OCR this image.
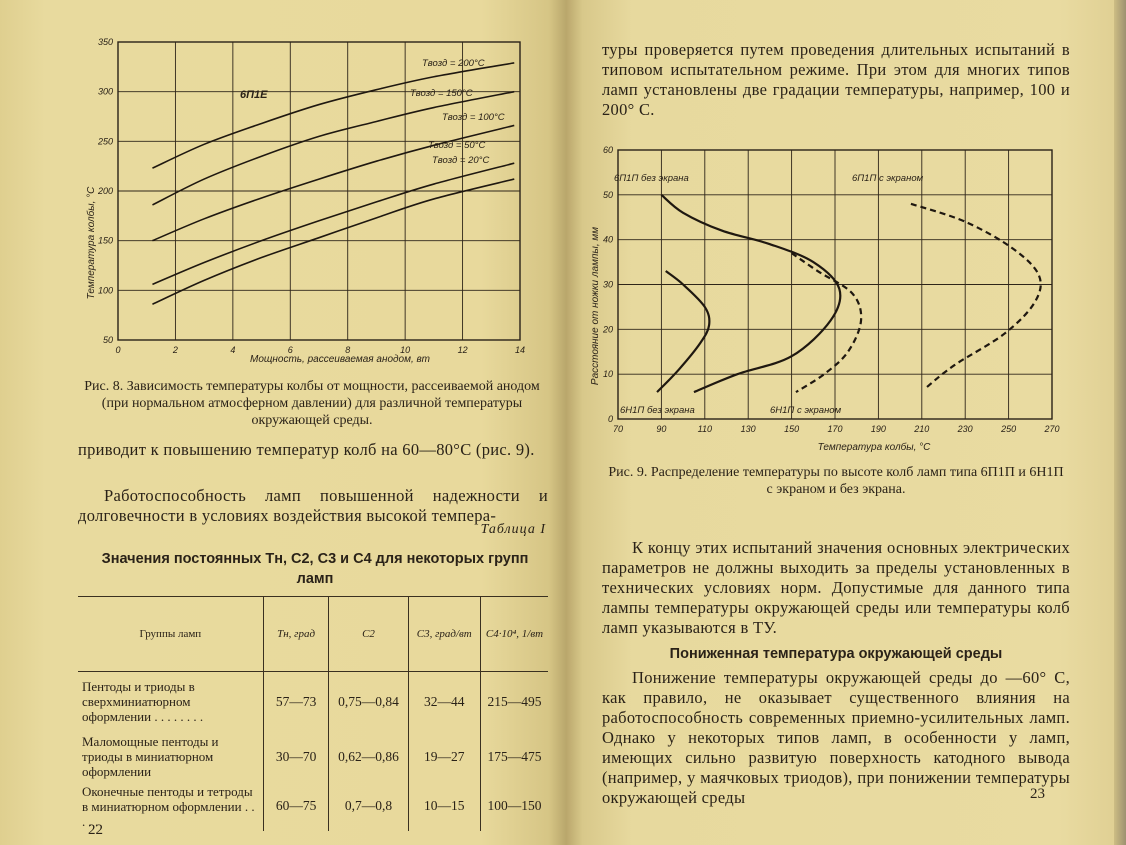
Tвозд = 200°С
Tвозд = 150°С
Tвозд = 100°С
Tвозд = 50°С
Tвозд = 20°С
0	2	4	6	8	10	12	14
50
100
150
200
250
300
350
Температура колбы, °С
Мощность, рассеиваемая анодом, вт
6П1Е
Рис. 8. Зависимость температуры колбы от мощности, рассеиваемой анодом (при нормальном атмосферном давлении) для различной температуры окружающей среды.
приводит к повышению температур колб на 60—80°С (рис. 9).
Работоспособность ламп повышенной надежности и долговечности в условиях воздействия высокой темпера-
Таблица I
Значения постоянных Tн, C2, C3 и C4 для некоторых групп ламп
Группы ламп	Tн, град	C2	C3, град/вт	C4·10⁴, 1/вт
Пентоды и триоды в сверхминиатюрном оформлении . . . . . . . .	57—73	0,75—0,84	32—44	215—495
Маломощные пентоды и триоды в миниатюрном оформлении	30—70	0,62—0,86	19—27	175—475
Оконечные пентоды и тетроды в миниатюрном оформлении . . . . .	60—75	0,7—0,8	10—15	100—150
22
туры проверяется путем проведения длительных испытаний в типовом испытательном режиме. При этом для многих типов ламп установлены две градации температуры, например, 100 и 200° С.
70	90	110	130	150	170	190	210	230	250	270
0
10
20
30
40
50
60
Расстояние от ножки лампы, мм
Температура колбы, °С
6П1П без экрана	6П1П с экраном
6Н1П без экрана	6Н1П с экраном
Рис. 9. Распределение температуры по высоте колб ламп типа 6П1П и 6Н1П с экраном и без экрана.
К концу этих испытаний значения основных электрических параметров не должны выходить за пределы установленных в технических условиях норм. Допустимые для данного типа лампы температуры окружающей среды или температуры колб ламп указываются в ТУ.
Пониженная температура окружающей среды
Понижение температуры окружающей среды до —60° С, как правило, не оказывает существенного влияния на работоспособность современных приемно-усилительных ламп. Однако у некоторых типов ламп, в особенности у ламп, имеющих сильно развитую поверхность катодного вывода (например, у маячковых триодов), при понижении температуры окружающей среды	23
